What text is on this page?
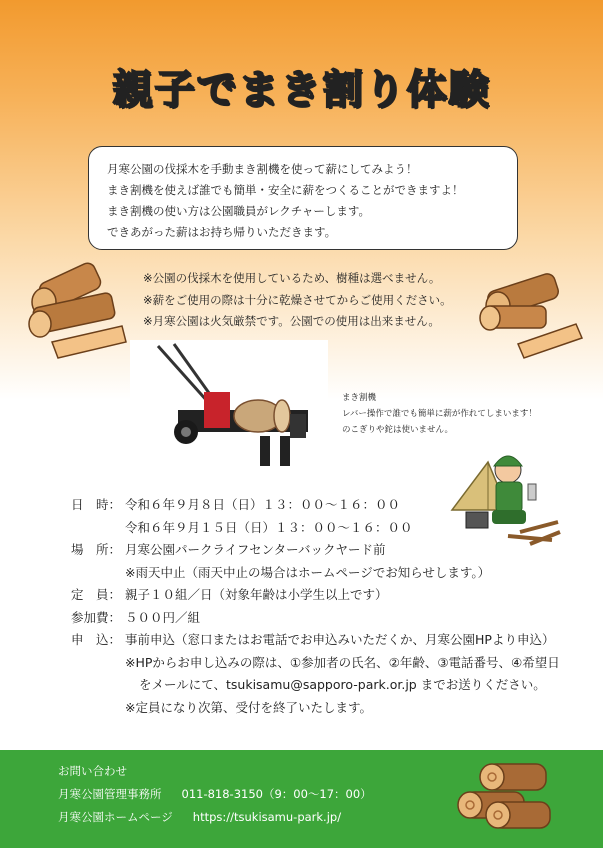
親子でまき割り体験
月寒公園の伐採木を手動まき割機を使って薪にしてみよう！
まき割機を使えば誰でも簡単・安全に薪をつくることができますよ！
まき割機の使い方は公園職員がレクチャーします。
できあがった薪はお持ち帰りいただきます。
※公園の伐採木を使用しているため、樹種は選べません。
※薪をご使用の際は十分に乾燥させてからご使用ください。
※月寒公園は火気厳禁です。公園での使用は出来ません。
まき割機
レバー操作で誰でも簡単に薪が作れてしまいます！
のこぎりや鉈は使いません。
日　時： 令和６年９月８日（日）１３：００～１６：００
令和６年９月１５日（日）１３：００～１６：００
場　所： 月寒公園パークライフセンターバックヤード前
※雨天中止（雨天中止の場合はホームページでお知らせします。）
定　員： 親子１０組／日（対象年齢は小学生以上です）
参加費： ５００円／組
申　込： 事前申込（窓口またはお電話でお申込みいただくか、月寒公園HPより申込）
※HPからお申し込みの際は、①参加者の氏名、②年齢、③電話番号、④希望日
をメールにて、tsukisamu@sapporo-park.or.jp までお送りください。
※定員になり次第、受付を終了いたします。
お問い合わせ
月寒公園管理事務所 011-818-3150（9：00～17：00）
月寒公園ホームページ https://tsukisamu-park.jp/
